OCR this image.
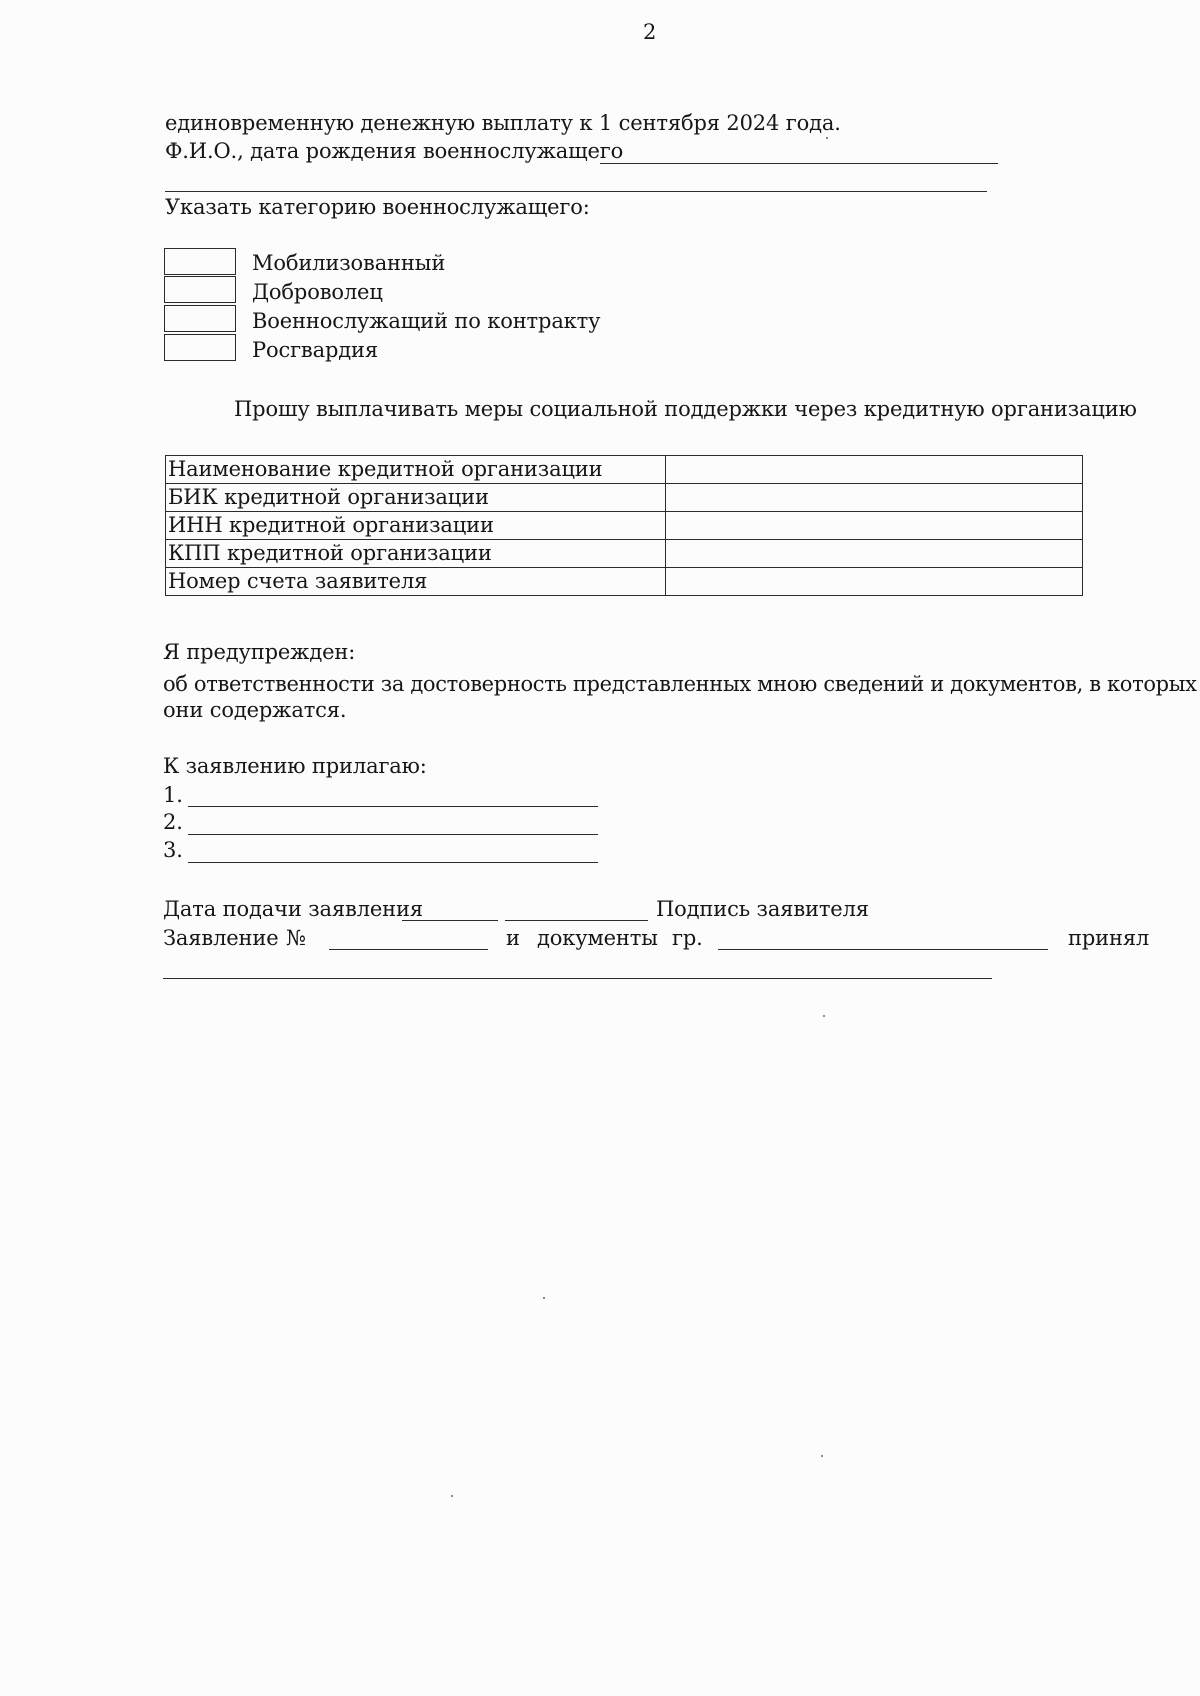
2
единовременную денежную выплату к 1 сентября 2024 года.
Ф.И.О., дата рождения военнослужащего
Указать категорию военнослужащего:
Мобилизованный
Доброволец
Военнослужащий по контракту
Росгвардия
Прошу выплачивать меры социальной поддержки через кредитную организацию
Наименование кредитной организации	
БИК кредитной организации	
ИНН кредитной организации	
КПП кредитной организации	
Номер счета заявителя	
Я предупрежден:
об ответственности за достоверность представленных мною сведений и документов, в которых
они содержатся.
К заявлению прилагаю:
1.
2.
3.
Дата подачи заявления	Подпись заявителя
Заявление №	и документы гр.	принял
